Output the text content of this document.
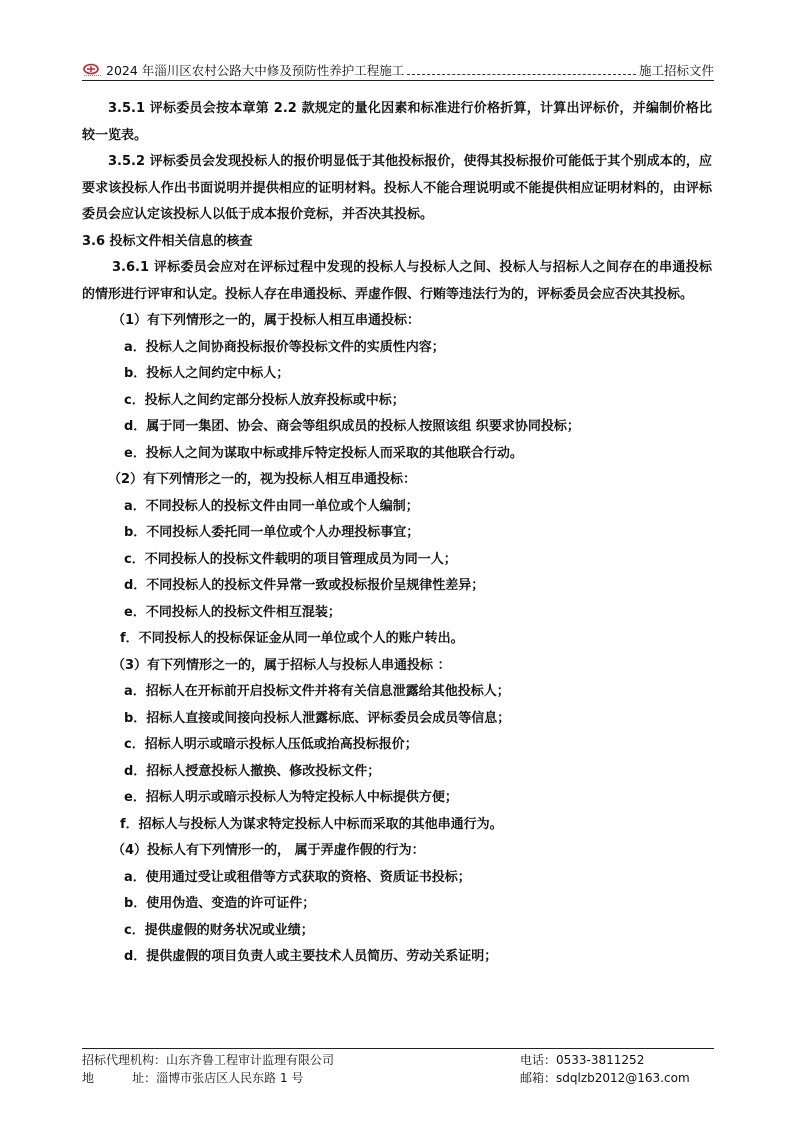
2024 年淄川区农村公路大中修及预防性养护工程施工	施工招标文件

3.5.1 评标委员会按本章第 2.2 款规定的量化因素和标准进行价格折算，计算出评标价，并编制价格比较一览表。

3.5.2 评标委员会发现投标人的报价明显低于其他投标报价，使得其投标报价可能低于其个别成本的，应要求该投标人作出书面说明并提供相应的证明材料。投标人不能合理说明或不能提供相应证明材料的，由评标委员会应认定该投标人以低于成本报价竞标，并否决其投标。

3.6 投标文件相关信息的核查

3.6.1 评标委员会应对在评标过程中发现的投标人与投标人之间、投标人与招标人之间存在的串通投标的情形进行评审和认定。投标人存在串通投标、弄虚作假、行贿等违法行为的，评标委员会应否决其投标。

（1）有下列情形之一的，属于投标人相互串通投标：

a．投标人之间协商投标报价等投标文件的实质性内容；

b．投标人之间约定中标人；

c．投标人之间约定部分投标人放弃投标或中标；

d．属于同一集团、协会、商会等组织成员的投标人按照该组 织要求协同投标；

e．投标人之间为谋取中标或排斥特定投标人而采取的其他联合行动。

（2）有下列情形之一的，视为投标人相互串通投标：

a．不同投标人的投标文件由同一单位或个人编制；

b．不同投标人委托同一单位或个人办理投标事宜；

c．不同投标人的投标文件载明的项目管理成员为同一人；

d．不同投标人的投标文件异常一致或投标报价呈规律性差异；

e．不同投标人的投标文件相互混装；

f．不同投标人的投标保证金从同一单位或个人的账户转出。

（3）有下列情形之一的，属于招标人与投标人串通投标 ：

a．招标人在开标前开启投标文件并将有关信息泄露给其他投标人；

b．招标人直接或间接向投标人泄露标底、评标委员会成员等信息；

c．招标人明示或暗示投标人压低或抬高投标报价；

d．招标人授意投标人撤换、修改投标文件；

e．招标人明示或暗示投标人为特定投标人中标提供方便；

f．招标人与投标人为谋求特定投标人中标而采取的其他串通行为。

（4）投标人有下列情形一的， 属于弄虚作假的行为：

a．使用通过受让或租借等方式获取的资格、资质证书投标；

b．使用伪造、变造的许可证件；

c．提供虚假的财务状况或业绩；

d．提供虚假的项目负责人或主要技术人员简历、劳动关系证明；

招标代理机构：山东齐鲁工程审计监理有限公司	电话：0533-3811252
地          址：淄博市张店区人民东路 1 号	邮箱：sdqlzb2012@163.com
